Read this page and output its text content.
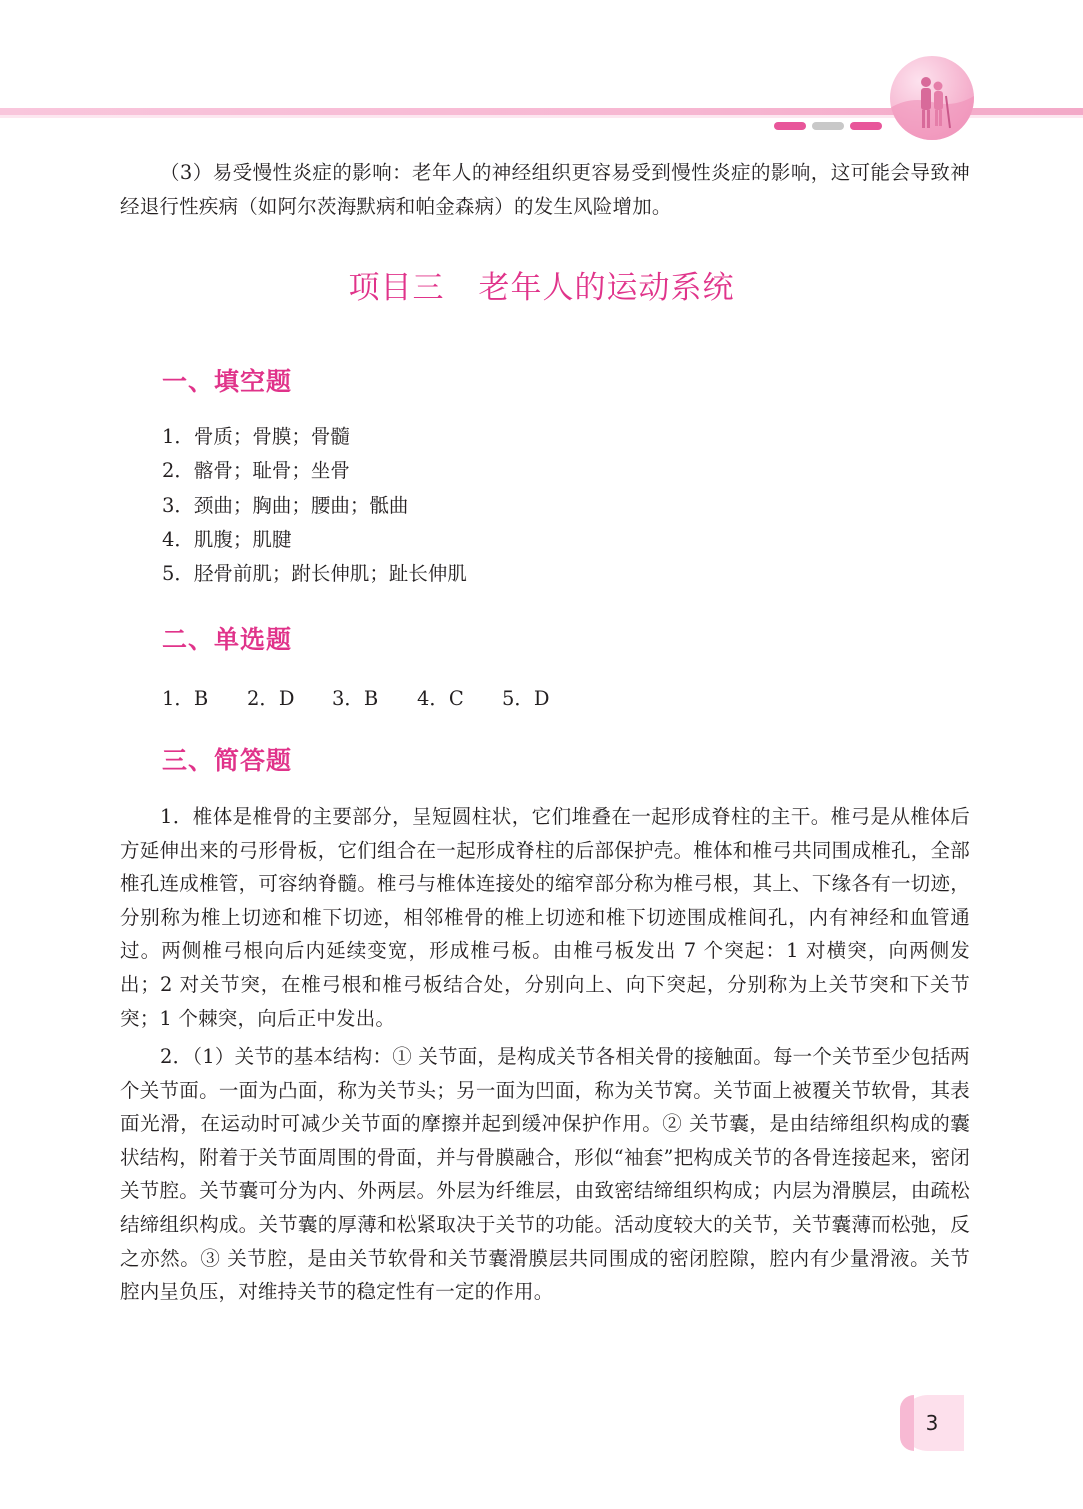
（3）易受慢性炎症的影响：老年人的神经组织更容易受到慢性炎症的影响，这可能会导致神经退行性疾病（如阿尔茨海默病和帕金森病）的发生风险增加。

项目三 老年人的运动系统
一、填空题
1．骨质；骨膜；骨髓
2．髂骨；耻骨；坐骨
3．颈曲；胸曲；腰曲；骶曲
4．肌腹；肌腱
5．胫骨前肌；跗长伸肌；趾长伸肌
二、单选题
1．B	2．D	3．B	4．C	5．D
三、简答题

1．椎体是椎骨的主要部分，呈短圆柱状，它们堆叠在一起形成脊柱的主干。椎弓是从椎体后方延伸出来的弓形骨板，它们组合在一起形成脊柱的后部保护壳。椎体和椎弓共同围成椎孔，全部椎孔连成椎管，可容纳脊髓。椎弓与椎体连接处的缩窄部分称为椎弓根，其上、下缘各有一切迹，分别称为椎上切迹和椎下切迹，相邻椎骨的椎上切迹和椎下切迹围成椎间孔，内有神经和血管通过。两侧椎弓根向后内延续变宽，形成椎弓板。由椎弓板发出 7 个突起：1 对横突，向两侧发出；2 对关节突，在椎弓根和椎弓板结合处，分别向上、向下突起，分别称为上关节突和下关节突；1 个棘突，向后正中发出。

2．（1）关节的基本结构：① 关节面，是构成关节各相关骨的接触面。每一个关节至少包括两个关节面。一面为凸面，称为关节头；另一面为凹面，称为关节窝。关节面上被覆关节软骨，其表面光滑，在运动时可减少关节面的摩擦并起到缓冲保护作用。② 关节囊，是由结缔组织构成的囊状结构，附着于关节面周围的骨面，并与骨膜融合，形似“袖套”把构成关节的各骨连接起来，密闭关节腔。关节囊可分为内、外两层。外层为纤维层，由致密结缔组织构成；内层为滑膜层，由疏松结缔组织构成。关节囊的厚薄和松紧取决于关节的功能。活动度较大的关节，关节囊薄而松弛，反之亦然。③ 关节腔，是由关节软骨和关节囊滑膜层共同围成的密闭腔隙，腔内有少量滑液。关节腔内呈负压，对维持关节的稳定性有一定的作用。

3
